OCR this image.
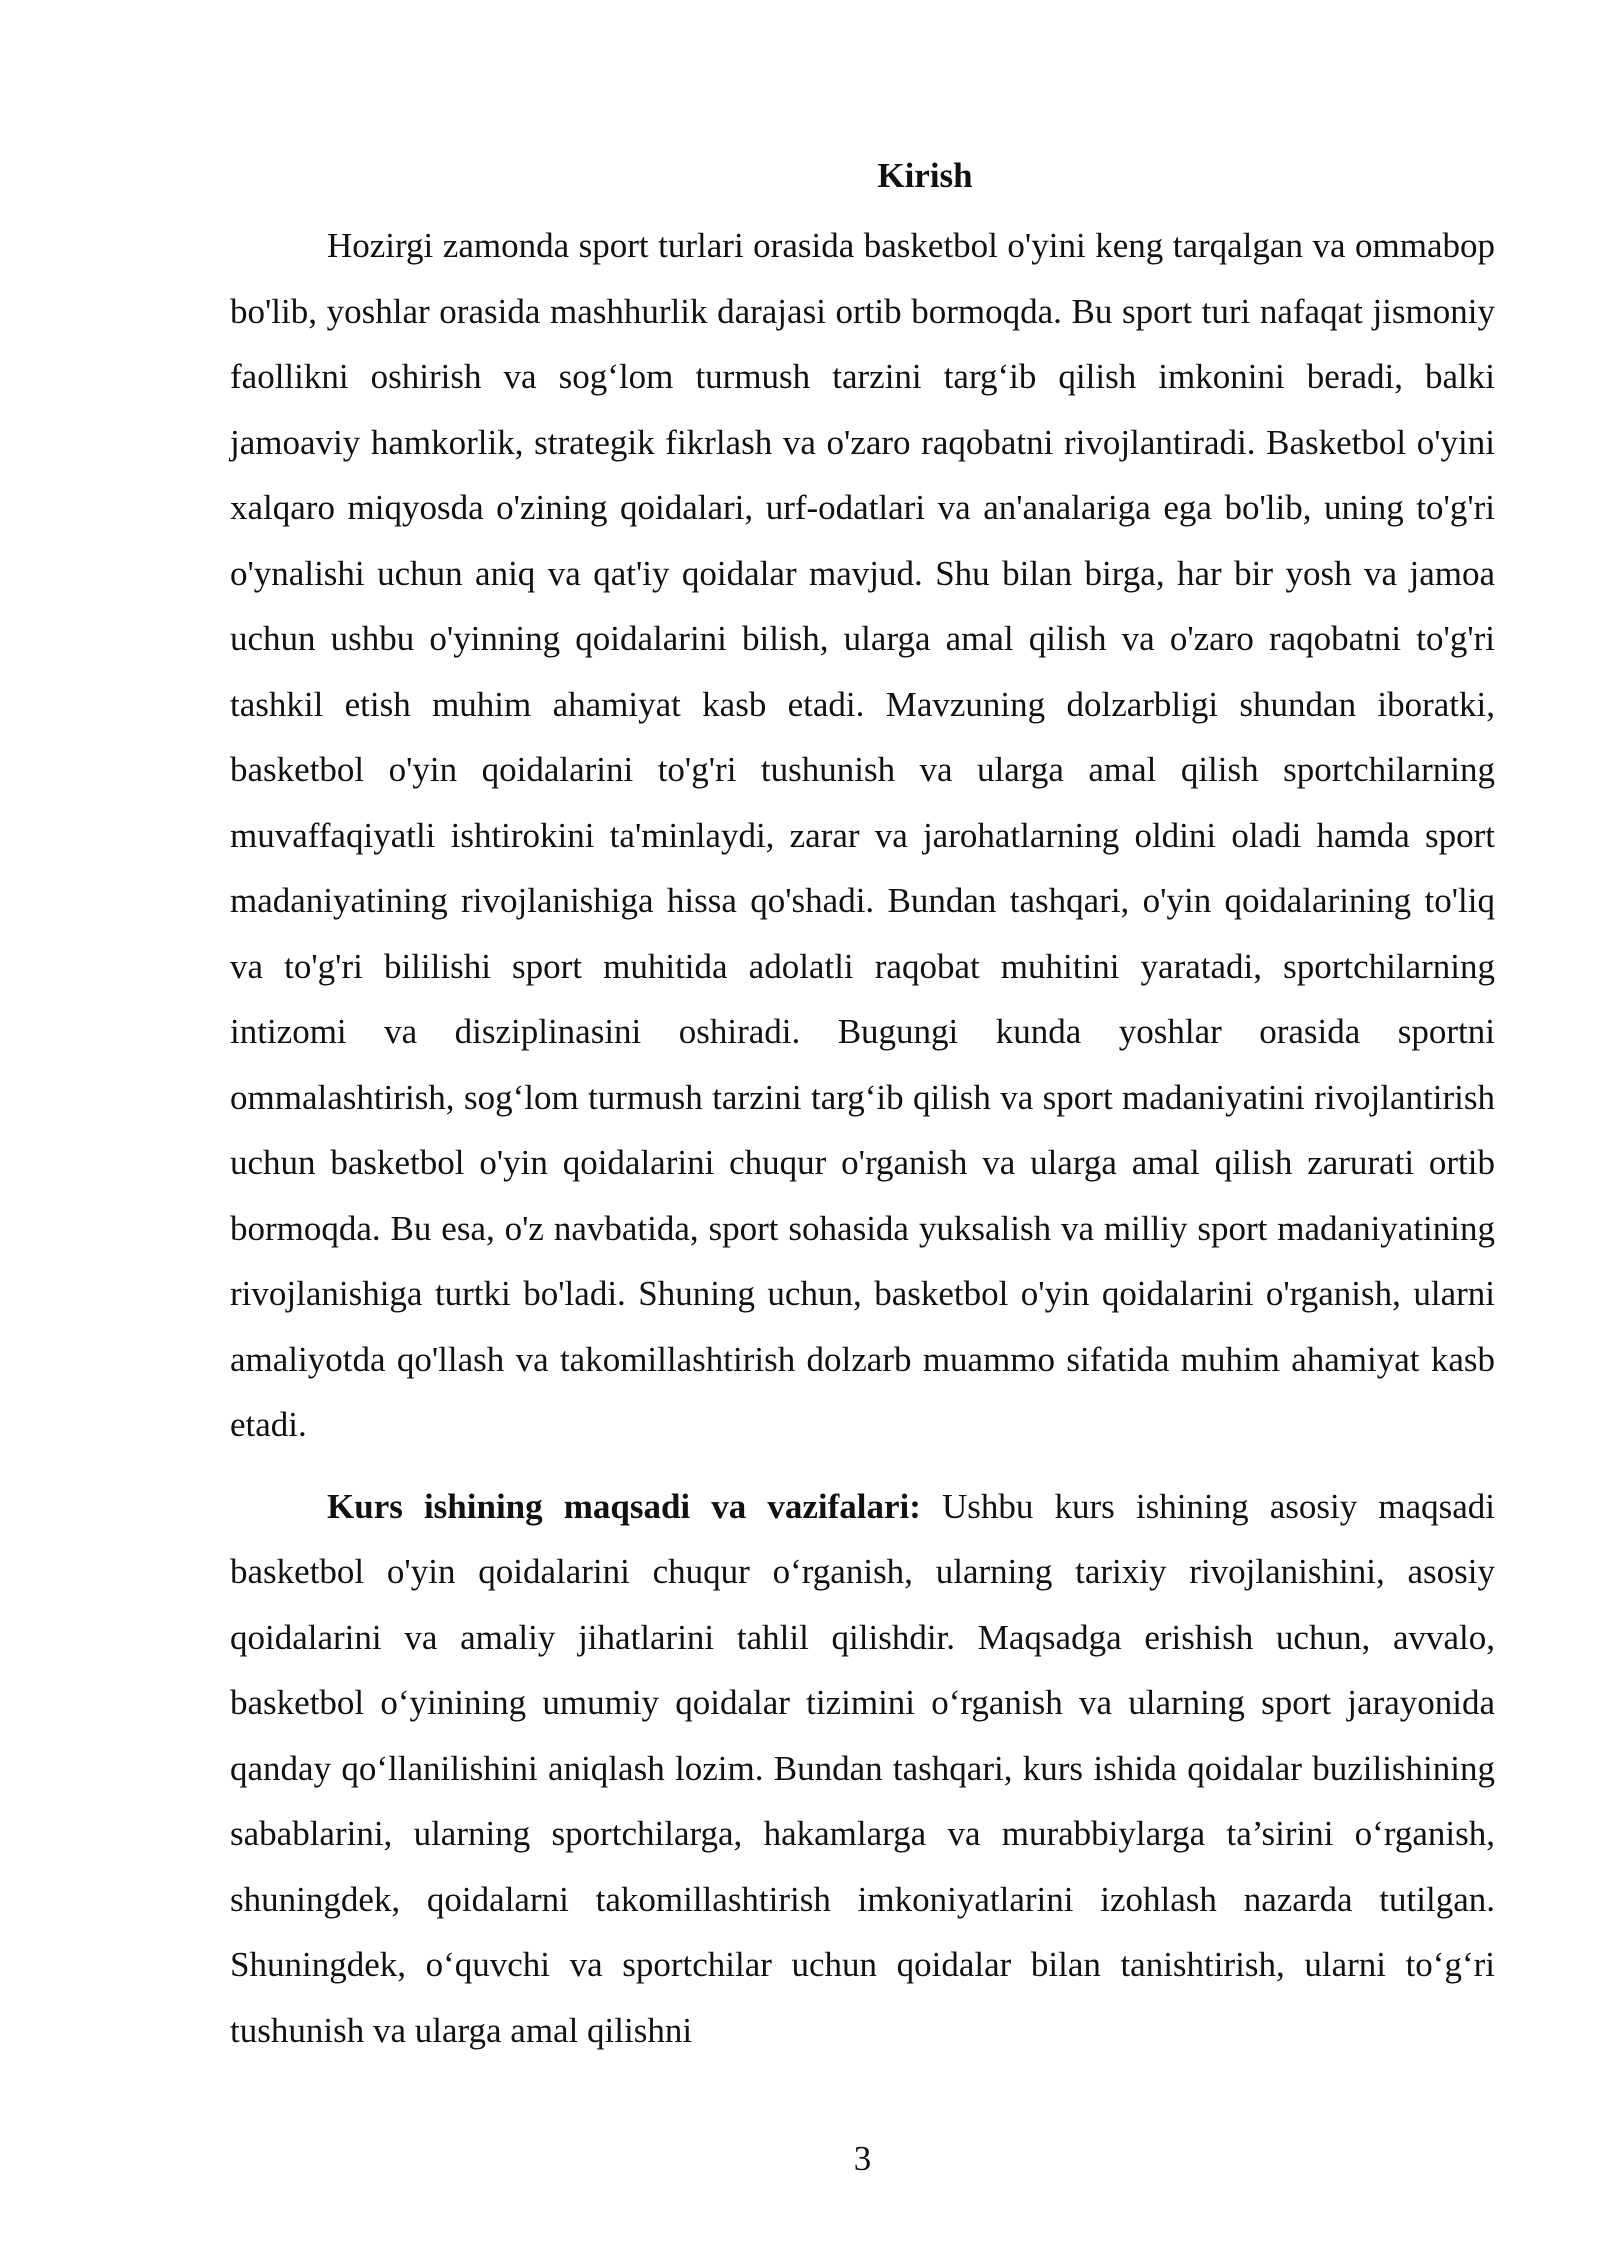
Kirish

Hozirgi zamonda sport turlari orasida basketbol o'yini keng tarqalgan va ommabop bo'lib, yoshlar orasida mashhurlik darajasi ortib bormoqda. Bu sport turi nafaqat jismoniy faollikni oshirish va sog‘lom turmush tarzini targ‘ib qilish imkonini beradi, balki jamoaviy hamkorlik, strategik fikrlash va o'zaro raqobatni rivojlantiradi. Basketbol o'yini xalqaro miqyosda o'zining qoidalari, urf-odatlari va an'analariga ega bo'lib, uning to'g'ri o'ynalishi uchun aniq va qat'iy qoidalar mavjud. Shu bilan birga, har bir yosh va jamoa uchun ushbu o'yinning qoidalarini bilish, ularga amal qilish va o'zaro raqobatni to'g'ri tashkil etish muhim ahamiyat kasb etadi. Mavzuning dolzarbligi shundan iboratki, basketbol o'yin qoidalarini to'g'ri tushunish va ularga amal qilish sportchilarning muvaffaqiyatli ishtirokini ta'minlaydi, zarar va jarohatlarning oldini oladi hamda sport madaniyatining rivojlanishiga hissa qo'shadi. Bundan tashqari, o'yin qoidalarining to'liq va to'g'ri bililishi sport muhitida adolatli raqobat muhitini yaratadi, sportchilarning intizomi va disziplinasini oshiradi. Bugungi kunda yoshlar orasida sportni ommalashtirish, sog‘lom turmush tarzini targ‘ib qilish va sport madaniyatini rivojlantirish uchun basketbol o'yin qoidalarini chuqur o'rganish va ularga amal qilish zarurati ortib bormoqda. Bu esa, o'z navbatida, sport sohasida yuksalish va milliy sport madaniyatining rivojlanishiga turtki bo'ladi. Shuning uchun, basketbol o'yin qoidalarini o'rganish, ularni amaliyotda qo'llash va takomillashtirish dolzarb muammo sifatida muhim ahamiyat kasb etadi.

Kurs ishining maqsadi va vazifalari: Ushbu kurs ishining asosiy maqsadi basketbol o'yin qoidalarini chuqur o‘rganish, ularning tarixiy rivojlanishini, asosiy qoidalarini va amaliy jihatlarini tahlil qilishdir. Maqsadga erishish uchun, avvalo, basketbol o‘yinining umumiy qoidalar tizimini o‘rganish va ularning sport jarayonida qanday qo‘llanilishini aniqlash lozim. Bundan tashqari, kurs ishida qoidalar buzilishining sabablarini, ularning sportchilarga, hakamlarga va murabbiylarga ta’sirini o‘rganish, shuningdek, qoidalarni takomillashtirish imkoniyatlarini izohlash nazarda tutilgan. Shuningdek, o‘quvchi va sportchilar uchun qoidalar bilan tanishtirish, ularni to‘g‘ri tushunish va ularga amal qilishni

3
